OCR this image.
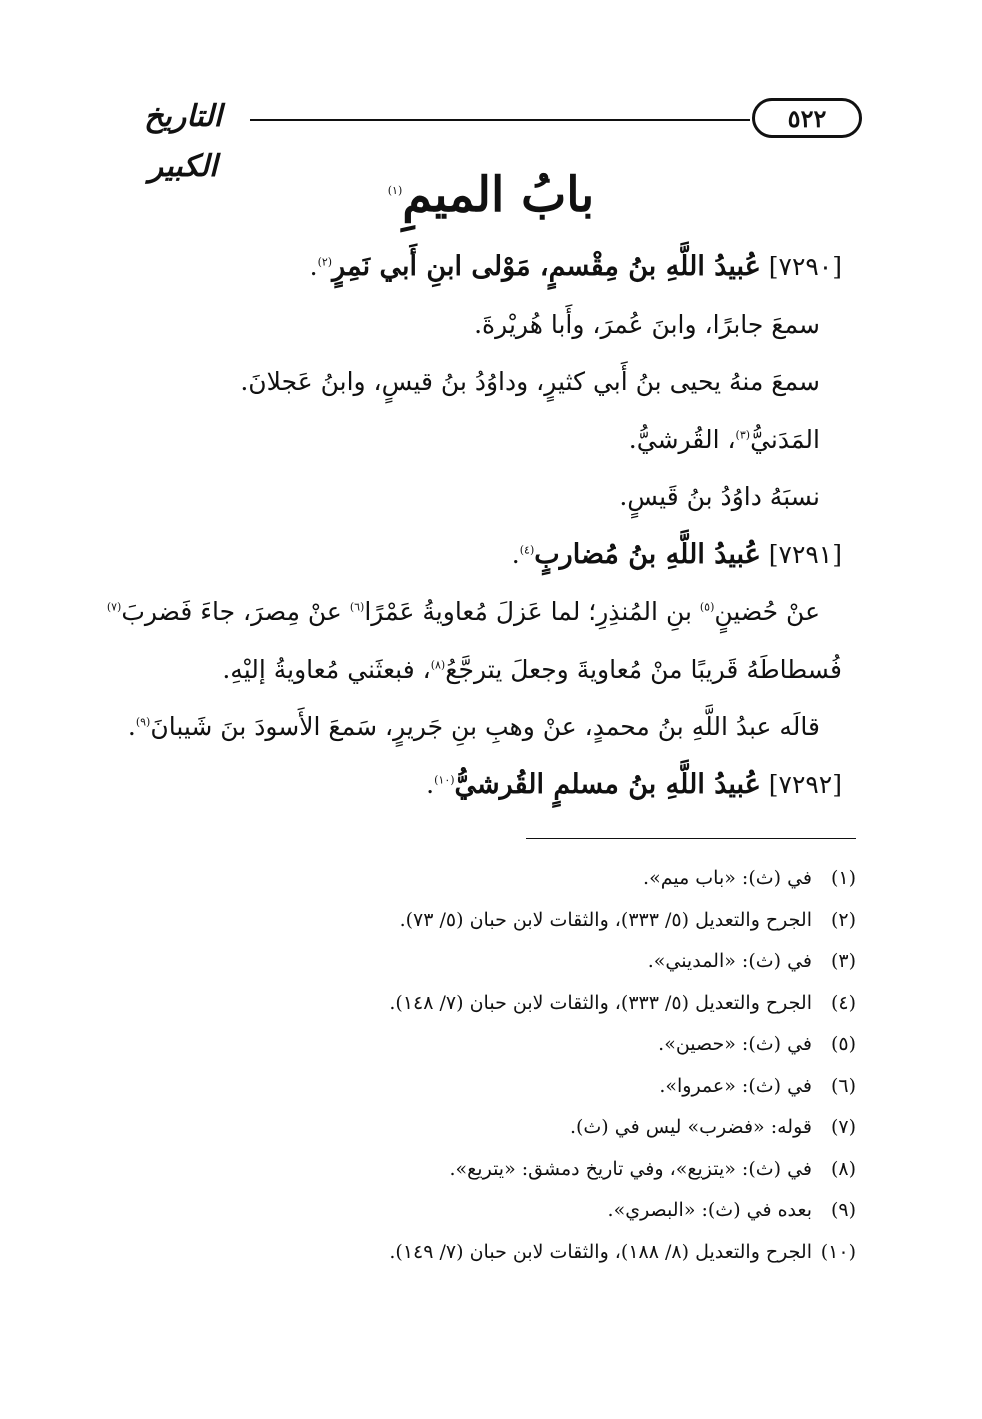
٥٢٢
التاريخ الكبير
بابُ الميمِ$^{(١)}$
[٧٢٩٠] عُبيدُ اللَّهِ بنُ مِقْسمٍ، مَوْلى ابنِ أَبي نَمِرٍ$^{(٢)}$.
سمعَ جابرًا، وابنَ عُمرَ، وأَبا هُريْرةَ.
سمعَ منهُ يحيى بنُ أَبي كثيرٍ، وداوُدُ بنُ قيسٍ، وابنُ عَجلانَ.
المَدَنيُّ$^{(٣)}$، القُرشيُّ.
نسبَهُ داوُدُ بنُ قَيسٍ.
[٧٢٩١] عُبيدُ اللَّهِ بنُ مُضاربٍ$^{(٤)}$.
عنْ حُضينٍ$^{(٥)}$ بنِ المُنذِرِ؛ لما عَزلَ مُعاويةُ عَمْرًا$^{(٦)}$ عنْ مِصرَ، جاءَ فَضربَ$^{(٧)}$
فُسطاطَهُ قَريبًا منْ مُعاويةَ وجعلَ يترجَّعُ$^{(٨)}$، فبعثَني مُعاويةُ إليْهِ.
قالَه عبدُ اللَّهِ بنُ محمدٍ، عنْ وهبِ بنِ جَريرٍ، سَمعَ الأَسودَ بنَ شَيبانَ$^{(٩)}$.
[٧٢٩٢] عُبيدُ اللَّهِ بنُ مسلمٍ القُرشيُّ$^{(١٠)}$.
(١)في (ث): «باب ميم».
(٢)الجرح والتعديل (٥/ ٣٣٣)، والثقات لابن حبان (٥/ ٧٣).
(٣)في (ث): «المديني».
(٤)الجرح والتعديل (٥/ ٣٣٣)، والثقات لابن حبان (٧/ ١٤٨).
(٥)في (ث): «حصين».
(٦)في (ث): «عمروا».
(٧)قوله: «فضرب» ليس في (ث).
(٨)في (ث): «يتزيع»، وفي تاريخ دمشق: «يتريع».
(٩)بعده في (ث): «البصري».
(١٠)الجرح والتعديل (٨/ ١٨٨)، والثقات لابن حبان (٧/ ١٤٩).
